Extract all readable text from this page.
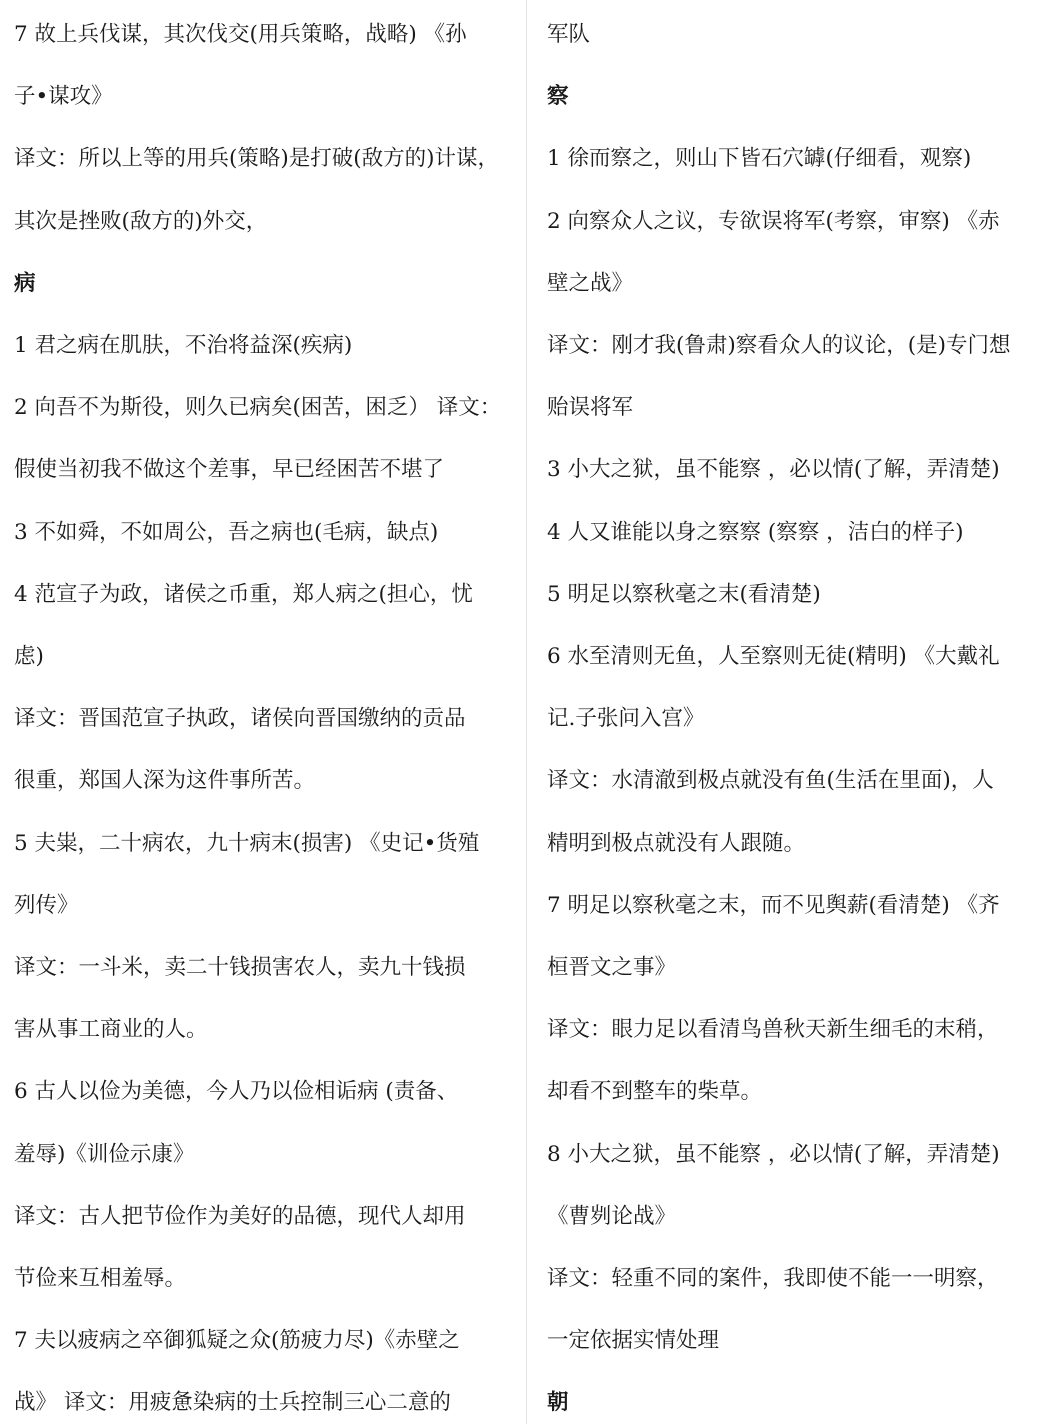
7 故上兵伐谋，其次伐交(用兵策略，战略) 《孙
子•谋攻》
译文：所以上等的用兵(策略)是打破(敌方的)计谋，
其次是挫败(敌方的)外交，
病
1 君之病在肌肤，不治将益深(疾病)
2 向吾不为斯役，则久已病矣(困苦，困乏） 译文：
假使当初我不做这个差事，早已经困苦不堪了
3 不如舜，不如周公，吾之病也(毛病，缺点)
4 范宣子为政，诸侯之币重，郑人病之(担心，忧
虑)
译文：晋国范宣子执政，诸侯向晋国缴纳的贡品
很重，郑国人深为这件事所苦。
5 夫粜，二十病农，九十病末(损害) 《史记•货殖
列传》
译文：一斗米，卖二十钱损害农人，卖九十钱损
害从事工商业的人。
6 古人以俭为美德，今人乃以俭相诟病 (责备、
羞辱)《训俭示康》
译文：古人把节俭作为美好的品德，现代人却用
节俭来互相羞辱。
7 夫以疲病之卒御狐疑之众(筋疲力尽)《赤壁之
战》 译文：用疲惫染病的士兵控制三心二意的
军队
察
1 徐而察之，则山下皆石穴罅(仔细看，观察)
2 向察众人之议，专欲误将军(考察，审察) 《赤
壁之战》
译文：刚才我(鲁肃)察看众人的议论，(是)专门想
贻误将军
3 小大之狱，虽不能察 ，必以情(了解，弄清楚)
4 人又谁能以身之察察 (察察 ，洁白的样子)
5 明足以察秋毫之末(看清楚)
6 水至清则无鱼，人至察则无徒(精明) 《大戴礼
记.子张问入宫》
译文：水清澈到极点就没有鱼(生活在里面)，人
精明到极点就没有人跟随。
7 明足以察秋毫之末，而不见舆薪(看清楚) 《齐
桓晋文之事》
译文：眼力足以看清鸟兽秋天新生细毛的末稍，
却看不到整车的柴草。
8 小大之狱，虽不能察 ，必以情(了解，弄清楚)
《曹刿论战》
译文：轻重不同的案件，我即使不能一一明察，
一定依据实情处理
朝
